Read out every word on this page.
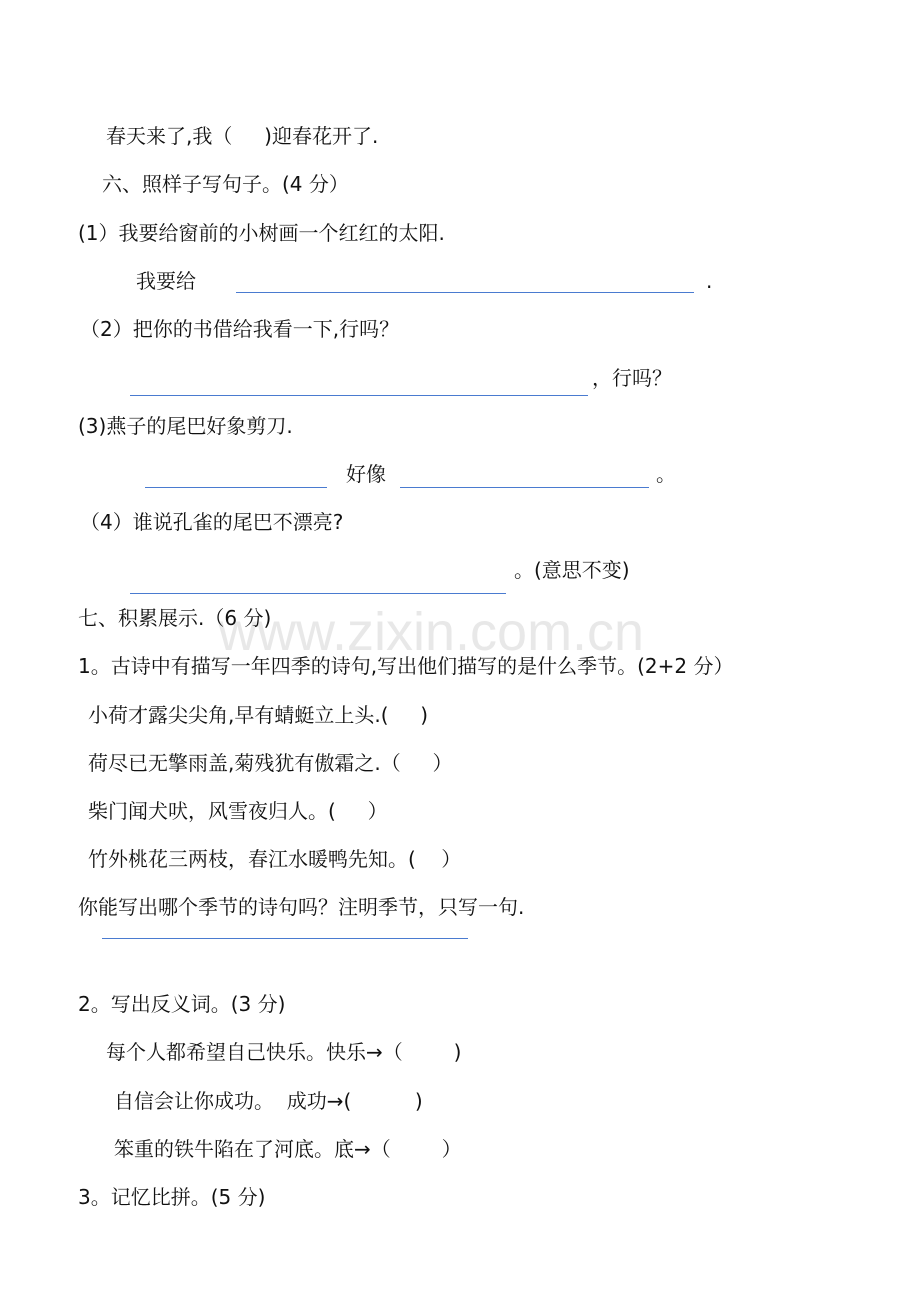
www.zixin.com.cn
春天来了,我（     )迎春花开了.
六、照样子写句子。(4 分）
(1）我要给窗前的小树画一个红红的太阳.
我要给	.
（2）把你的书借给我看一下,行吗？
，行吗？
(3)燕子的尾巴好象剪刀.
好像	。
（4）谁说孔雀的尾巴不漂亮?
。(意思不变)
七、积累展示.（6 分)
1。古诗中有描写一年四季的诗句,写出他们描写的是什么季节。(2+2 分）
小荷才露尖尖角,早有蜻蜓立上头.(     )
荷尽已无擎雨盖,菊残犹有傲霜之.（     ）
柴门闻犬吠，风雪夜归人。(     ）
竹外桃花三两枝，春江水暖鸭先知。(    ）
你能写出哪个季节的诗句吗？注明季节，只写一句.
2。写出反义词。(3 分)
每个人都希望自己快乐。快乐→（        )
自信会让你成功。  成功→(          )
笨重的铁牛陷在了河底。底→（        ）
3。记忆比拼。(5 分)
